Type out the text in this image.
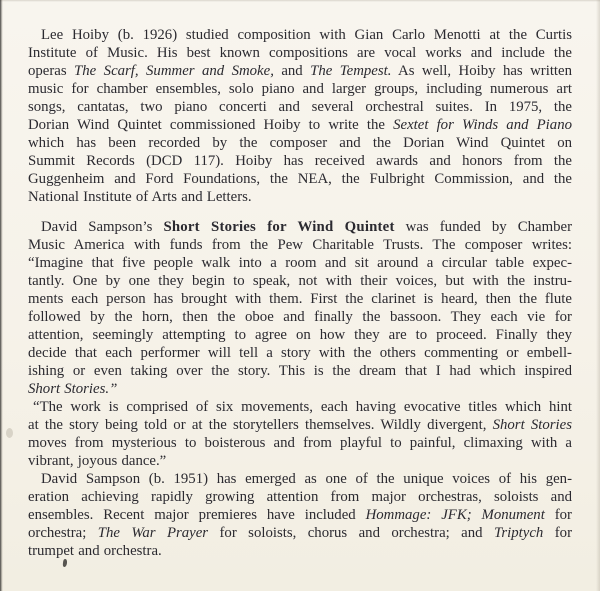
Lee Hoiby (b. 1926) studied composition with Gian Carlo Menotti at the Curtis
Institute of Music. His best known compositions are vocal works and include the
operas The Scarf, Summer and Smoke, and The Tempest. As well, Hoiby has written
music for chamber ensembles, solo piano and larger groups, including numerous art
songs, cantatas, two piano concerti and several orchestral suites. In 1975, the
Dorian Wind Quintet commissioned Hoiby to write the Sextet for Winds and Piano
which has been recorded by the composer and the Dorian Wind Quintet on
Summit Records (DCD 117). Hoiby has received awards and honors from the
Guggenheim and Ford Foundations, the NEA, the Fulbright Commission, and the
National Institute of Arts and Letters.
David Sampson’s Short Stories for Wind Quintet was funded by Chamber
Music America with funds from the Pew Charitable Trusts. The composer writes:
“Imagine that five people walk into a room and sit around a circular table expec-
tantly. One by one they begin to speak, not with their voices, but with the instru-
ments each person has brought with them. First the clarinet is heard, then the flute
followed by the horn, then the oboe and finally the bassoon. They each vie for
attention, seemingly attempting to agree on how they are to proceed. Finally they
decide that each performer will tell a story with the others commenting or embell-
ishing or even taking over the story. This is the dream that I had which inspired
Short Stories.”
“The work is comprised of six movements, each having evocative titles which hint
at the story being told or at the storytellers themselves. Wildly divergent, Short Stories
moves from mysterious to boisterous and from playful to painful, climaxing with a
vibrant, joyous dance.”
David Sampson (b. 1951) has emerged as one of the unique voices of his gen-
eration achieving rapidly growing attention from major orchestras, soloists and
ensembles. Recent major premieres have included Hommage: JFK; Monument for
orchestra; The War Prayer for soloists, chorus and orchestra; and Triptych for
trumpet and orchestra.
